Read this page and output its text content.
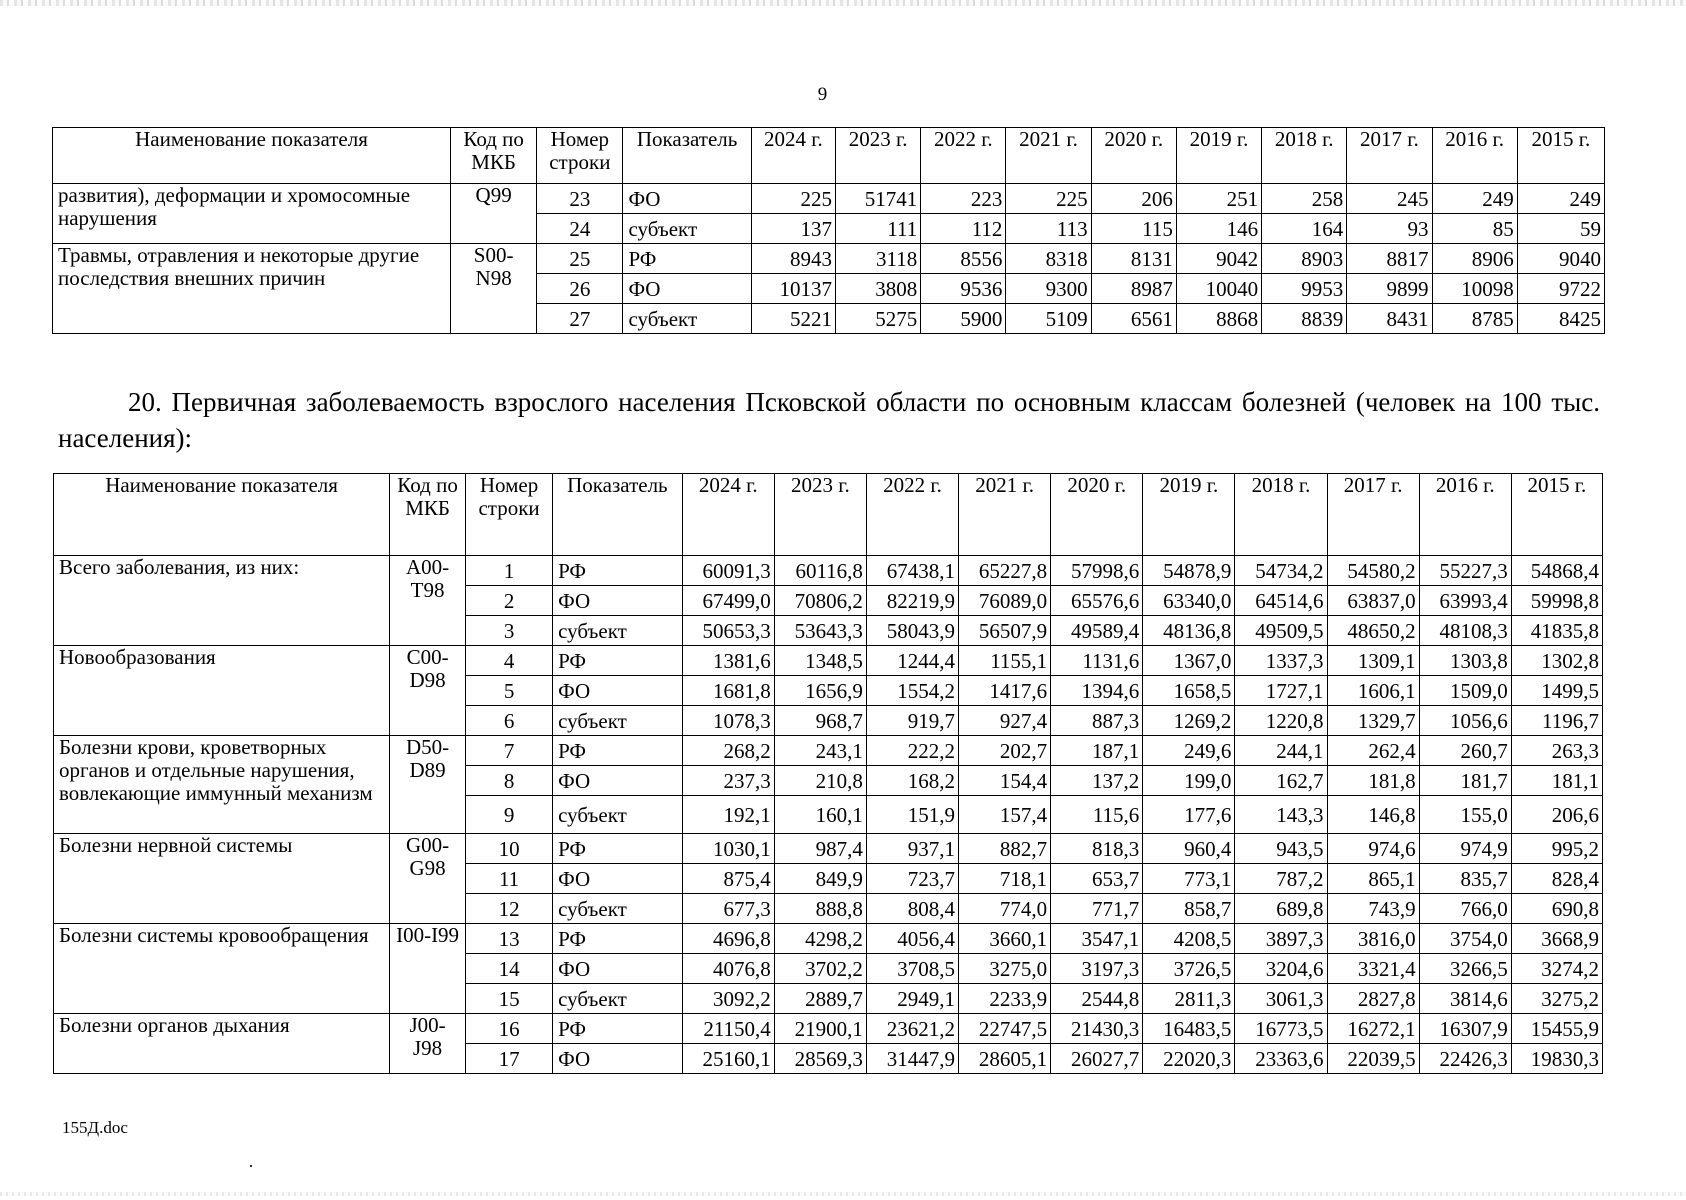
9
Наименование показателя	Код по МКБ	Номер строки	Показатель	2024 г.	2023 г.	2022 г.	2021 г.	2020 г.	2019 г.	2018 г.	2017 г.	2016 г.	2015 г.
развития), деформации и хромосомные нарушения	Q99	23	ФО	225	51741	223	225	206	251	258	245	249	249
		24	субъект	137	111	112	113	115	146	164	93	85	59
Травмы, отравления и некоторые другие последствия внешних причин	S00-N98	25	РФ	8943	3118	8556	8318	8131	9042	8903	8817	8906	9040
		26	ФО	10137	3808	9536	9300	8987	10040	9953	9899	10098	9722
		27	субъект	5221	5275	5900	5109	6561	8868	8839	8431	8785	8425
20. Первичная заболеваемость взрослого населения Псковской области по основным классам болезней (человек на 100 тыс. населения):
Наименование показателя	Код по МКБ	Номер строки	Показатель	2024 г.	2023 г.	2022 г.	2021 г.	2020 г.	2019 г.	2018 г.	2017 г.	2016 г.	2015 г.
Всего заболевания, из них:	A00-T98	1	РФ	60091,3	60116,8	67438,1	65227,8	57998,6	54878,9	54734,2	54580,2	55227,3	54868,4
		2	ФО	67499,0	70806,2	82219,9	76089,0	65576,6	63340,0	64514,6	63837,0	63993,4	59998,8
		3	субъект	50653,3	53643,3	58043,9	56507,9	49589,4	48136,8	49509,5	48650,2	48108,3	41835,8
Новообразования	C00-D98	4	РФ	1381,6	1348,5	1244,4	1155,1	1131,6	1367,0	1337,3	1309,1	1303,8	1302,8
		5	ФО	1681,8	1656,9	1554,2	1417,6	1394,6	1658,5	1727,1	1606,1	1509,0	1499,5
		6	субъект	1078,3	968,7	919,7	927,4	887,3	1269,2	1220,8	1329,7	1056,6	1196,7
Болезни крови, кроветворных органов и отдельные нарушения, вовлекающие иммунный механизм	D50-D89	7	РФ	268,2	243,1	222,2	202,7	187,1	249,6	244,1	262,4	260,7	263,3
		8	ФО	237,3	210,8	168,2	154,4	137,2	199,0	162,7	181,8	181,7	181,1
		9	субъект	192,1	160,1	151,9	157,4	115,6	177,6	143,3	146,8	155,0	206,6
Болезни нервной системы	G00-G98	10	РФ	1030,1	987,4	937,1	882,7	818,3	960,4	943,5	974,6	974,9	995,2
		11	ФО	875,4	849,9	723,7	718,1	653,7	773,1	787,2	865,1	835,7	828,4
		12	субъект	677,3	888,8	808,4	774,0	771,7	858,7	689,8	743,9	766,0	690,8
Болезни системы кровообращения	I00-I99	13	РФ	4696,8	4298,2	4056,4	3660,1	3547,1	4208,5	3897,3	3816,0	3754,0	3668,9
		14	ФО	4076,8	3702,2	3708,5	3275,0	3197,3	3726,5	3204,6	3321,4	3266,5	3274,2
		15	субъект	3092,2	2889,7	2949,1	2233,9	2544,8	2811,3	3061,3	2827,8	3814,6	3275,2
Болезни органов дыхания	J00-J98	16	РФ	21150,4	21900,1	23621,2	22747,5	21430,3	16483,5	16773,5	16272,1	16307,9	15455,9
		17	ФО	25160,1	28569,3	31447,9	28605,1	26027,7	22020,3	23363,6	22039,5	22426,3	19830,3
155Д.doc
